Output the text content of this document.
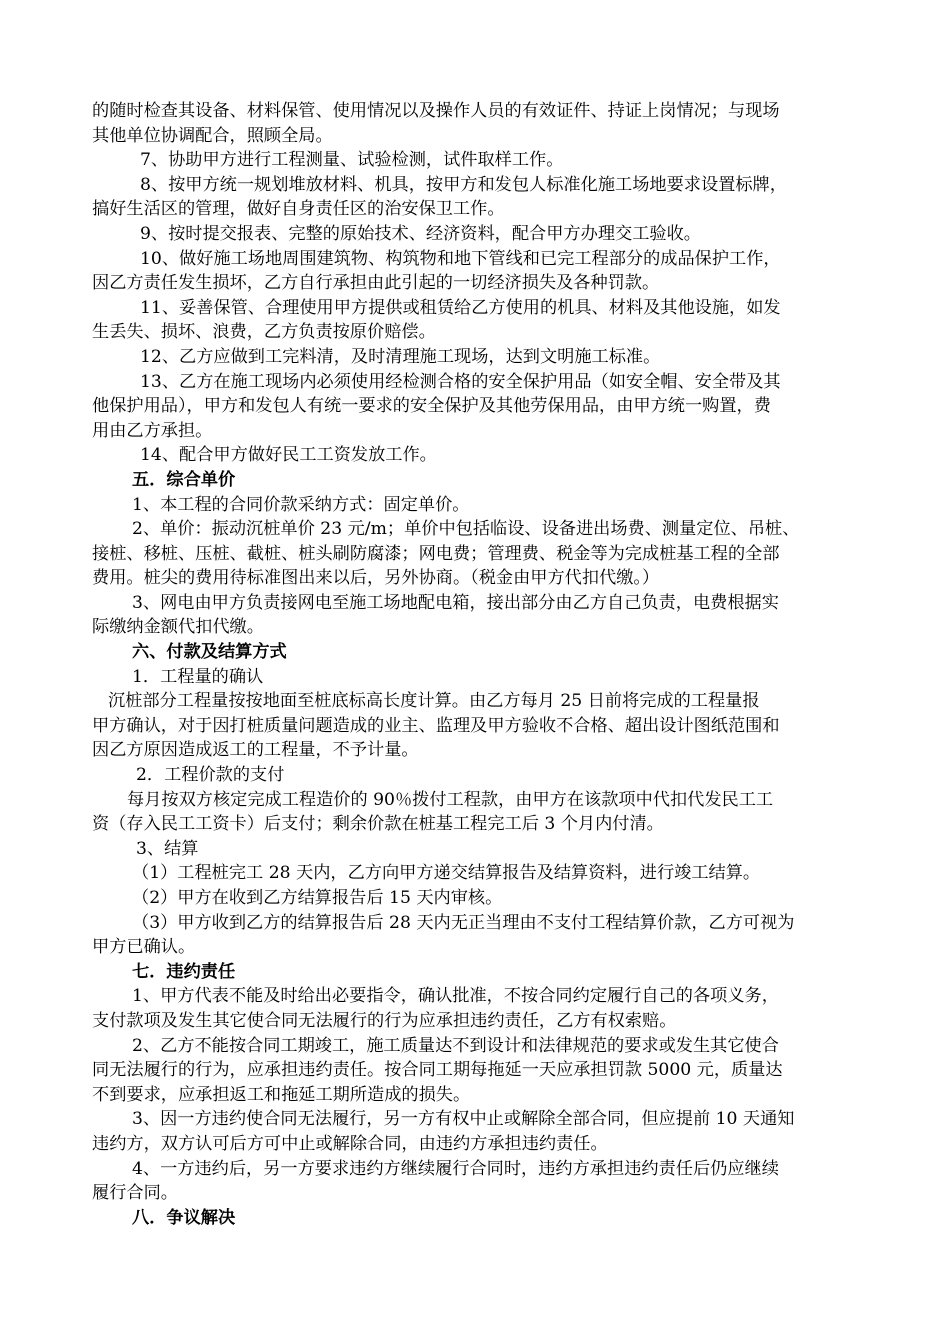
的随时检查其设备、材料保管、使用情况以及操作人员的有效证件、持证上岗情况；与现场
其他单位协调配合，照顾全局。
7、协助甲方进行工程测量、试验检测，试件取样工作。
8、按甲方统一规划堆放材料、机具，按甲方和发包人标准化施工场地要求设置标牌，
搞好生活区的管理，做好自身责任区的治安保卫工作。
9、按时提交报表、完整的原始技术、经济资料，配合甲方办理交工验收。
10、做好施工场地周围建筑物、构筑物和地下管线和已完工程部分的成品保护工作，
因乙方责任发生损坏，乙方自行承担由此引起的一切经济损失及各种罚款。
11、妥善保管、合理使用甲方提供或租赁给乙方使用的机具、材料及其他设施，如发
生丢失、损坏、浪费，乙方负责按原价赔偿。
12、乙方应做到工完料清，及时清理施工现场，达到文明施工标准。
13、乙方在施工现场内必须使用经检测合格的安全保护用品（如安全帽、安全带及其
他保护用品），甲方和发包人有统一要求的安全保护及其他劳保用品，由甲方统一购置，费
用由乙方承担。
14、配合甲方做好民工工资发放工作。
五．综合单价
1、本工程的合同价款采纳方式：固定单价。
2、单价：振动沉桩单价 23 元/m；单价中包括临设、设备进出场费、测量定位、吊桩、
接桩、移桩、压桩、截桩、桩头刷防腐漆；网电费；管理费、税金等为完成桩基工程的全部
费用。桩尖的费用待标准图出来以后，另外协商。（税金由甲方代扣代缴。）
3、网电由甲方负责接网电至施工场地配电箱，接出部分由乙方自己负责，电费根据实
际缴纳金额代扣代缴。
六、付款及结算方式
1．工程量的确认
沉桩部分工程量按按地面至桩底标高长度计算。由乙方每月 25 日前将完成的工程量报
甲方确认，对于因打桩质量问题造成的业主、监理及甲方验收不合格、超出设计图纸范围和
因乙方原因造成返工的工程量，不予计量。
2．工程价款的支付
每月按双方核定完成工程造价的 90％拨付工程款，由甲方在该款项中代扣代发民工工
资（存入民工工资卡）后支付；剩余价款在桩基工程完工后 3 个月内付清。
3、结算
（1）工程桩完工 28 天内，乙方向甲方递交结算报告及结算资料，进行竣工结算。
（2）甲方在收到乙方结算报告后 15 天内审核。
（3）甲方收到乙方的结算报告后 28 天内无正当理由不支付工程结算价款，乙方可视为
甲方已确认。
七．违约责任
1、甲方代表不能及时给出必要指令，确认批准，不按合同约定履行自己的各项义务，
支付款项及发生其它使合同无法履行的行为应承担违约责任，乙方有权索赔。
2、乙方不能按合同工期竣工，施工质量达不到设计和法律规范的要求或发生其它使合
同无法履行的行为，应承担违约责任。按合同工期每拖延一天应承担罚款 5000 元，质量达
不到要求，应承担返工和拖延工期所造成的损失。
3、因一方违约使合同无法履行，另一方有权中止或解除全部合同，但应提前 10 天通知
违约方，双方认可后方可中止或解除合同，由违约方承担违约责任。
4、一方违约后，另一方要求违约方继续履行合同时，违约方承担违约责任后仍应继续
履行合同。
八．争议解决
